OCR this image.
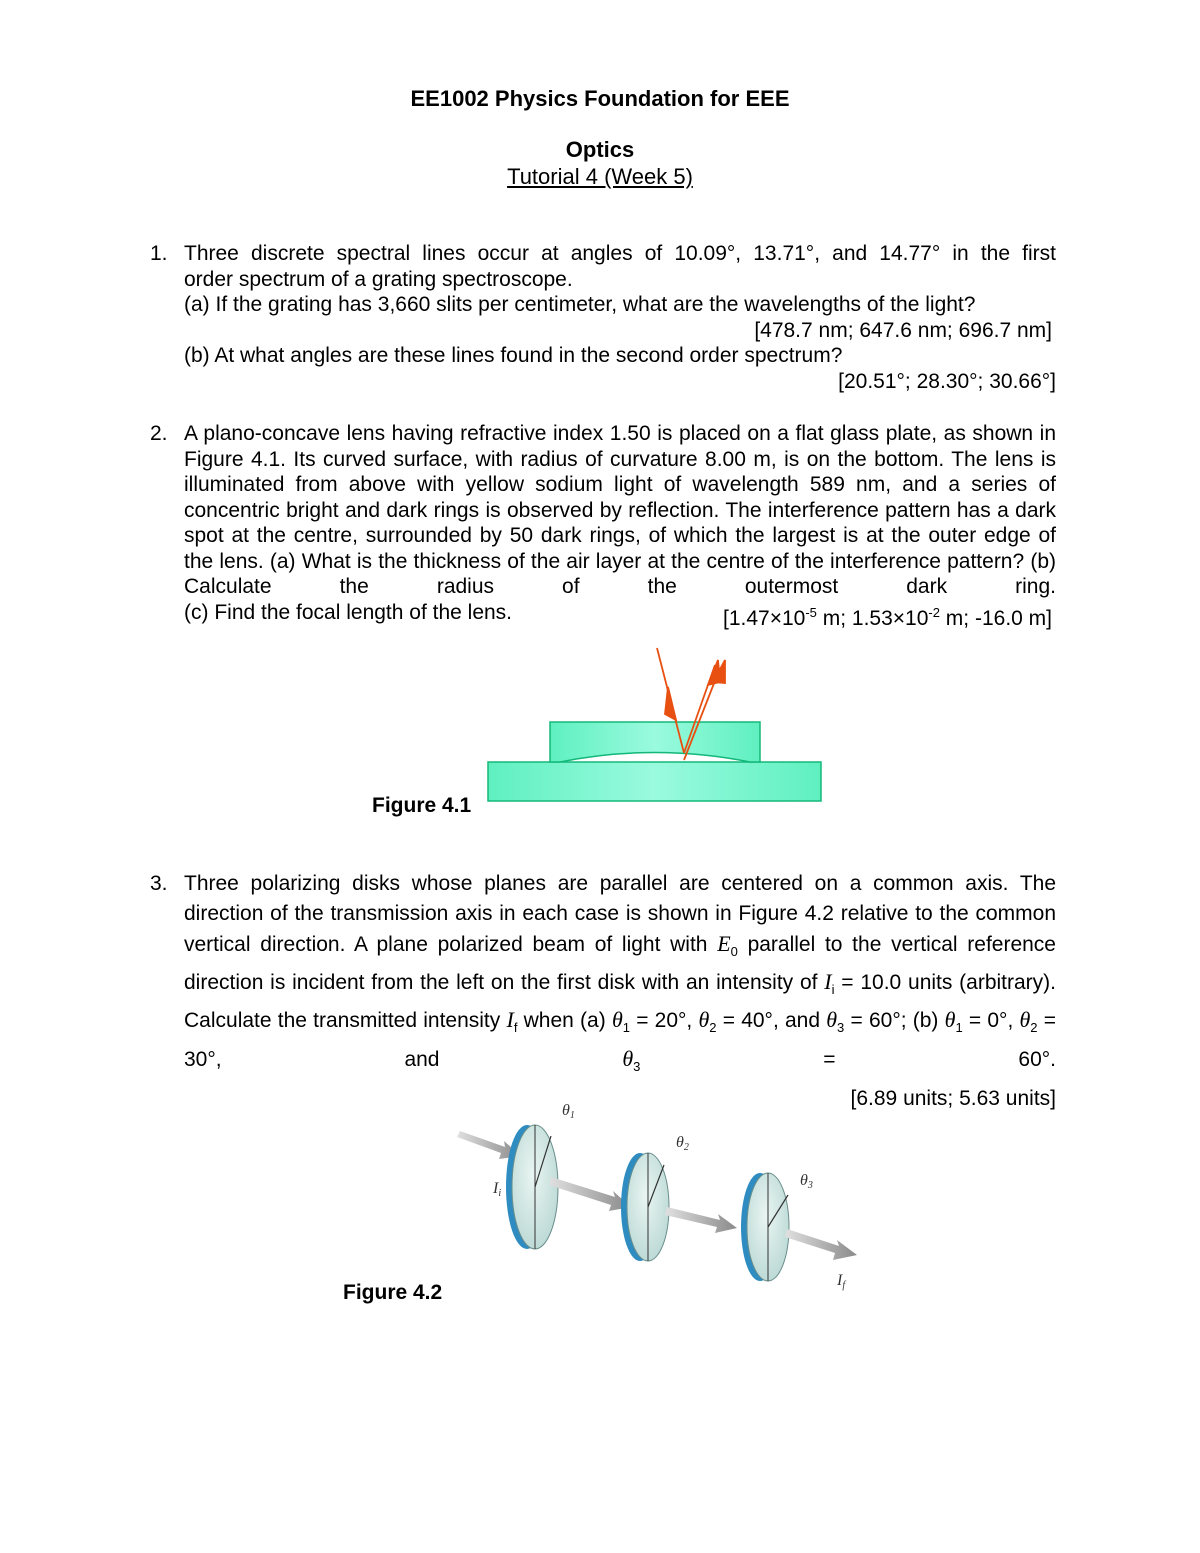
EE1002 Physics Foundation for EEE
Optics
Tutorial 4 (Week 5)
1. Three discrete spectral lines occur at angles of 10.09°, 13.71°, and 14.77° in the first

order spectrum of a grating spectroscope.

(a) If the grating has 3,660 slits per centimeter, what are the wavelengths of the light?

[478.7 nm; 647.6 nm; 696.7 nm]

(b) At what angles are these lines found in the second order spectrum?

[20.51°; 28.30°; 30.66°]

2. A plano-concave lens having refractive index 1.50 is placed on a flat glass plate, as shown in Figure 4.1. Its curved surface, with radius of curvature 8.00 m, is on the bottom. The lens is illuminated from above with yellow sodium light of wavelength 589 nm, and a series of concentric bright and dark rings is observed by reflection. The interference pattern has a dark spot at the centre, surrounded by 50 dark rings, of which the largest is at the outer edge of the lens. (a) What is the thickness of the air layer at the centre of the interference pattern? (b) Calculate the radius of the outermost dark ring.

(c) Find the focal length of the lens.	[$1.47\times 10^{-5}$ m; $1.53\times 10^{-2}$ m; -16.0 m]

Figure 4.1
3. Three polarizing disks whose planes are parallel are centered on a common axis. The direction of the transmission axis in each case is shown in Figure 4.2 relative to the common vertical direction. A plane polarized beam of light with $E_0$ parallel to the vertical reference direction is incident from the left on the first disk with an intensity of $I_i = 10.0$ units (arbitrary). Calculate the transmitted intensity $I_f$ when (a) $\theta_1 = 20^\circ$, $\theta_2 = 40^\circ$, and $\theta_3 = 60^\circ$; (b) $\theta_1 = 0^\circ$, $\theta_2 = 30^\circ$, and $\theta_3 = 60^\circ$.

[6.89 units; 5.63 units]

θ1
θ2
θ3
Ii
If
Figure 4.2
